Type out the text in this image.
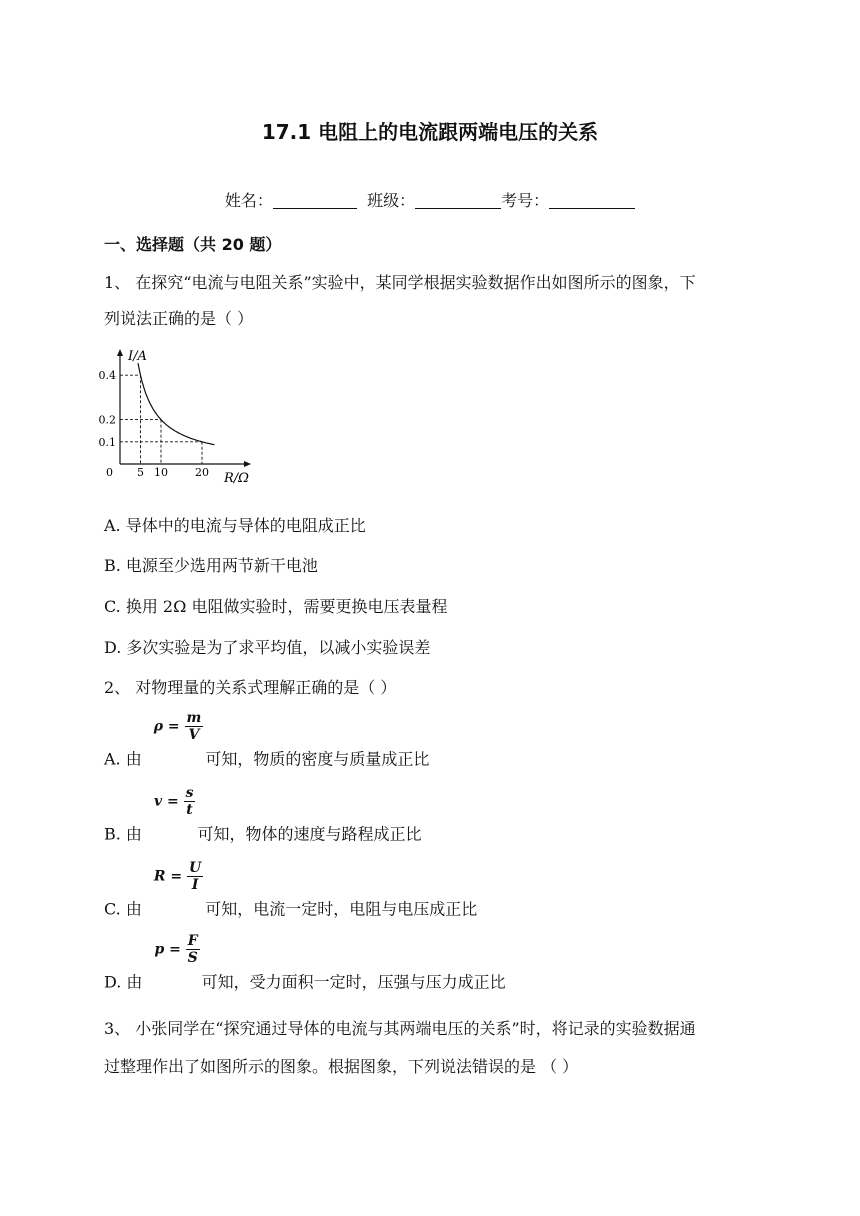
17.1 电阻上的电流跟两端电压的关系
姓名：	班级：	考号：
一、选择题（共 20 题）
1、 在探究“电流与电阻关系”实验中，某同学根据实验数据作出如图所示的图象，下
列说法正确的是（ ）
5 10 20
0.4
0.2
0.1
0
I/A
R/Ω
A. 导体中的电流与导体的电阻成正比
B. 电源至少选用两节新干电池
C. 换用 2Ω 电阻做实验时，需要更换电压表量程
D. 多次实验是为了求平均值，以减小实验误差
2、 对物理量的关系式理解正确的是（ ）
A. 由$\rho = \frac{m}{V}$
可知，物质的密度与质量成正比
B. 由$v = \frac{s}{t}$
可知，物体的速度与路程成正比
C. 由$R = \frac{U}{I}$
可知，电流一定时，电阻与电压成正比
D. 由$p = \frac{F}{S}$
可知，受力面积一定时，压强与压力成正比
3、 小张同学在“探究通过导体的电流与其两端电压的关系”时，将记录的实验数据通
过整理作出了如图所示的图象。根据图象，下列说法错误的是 （ ）
